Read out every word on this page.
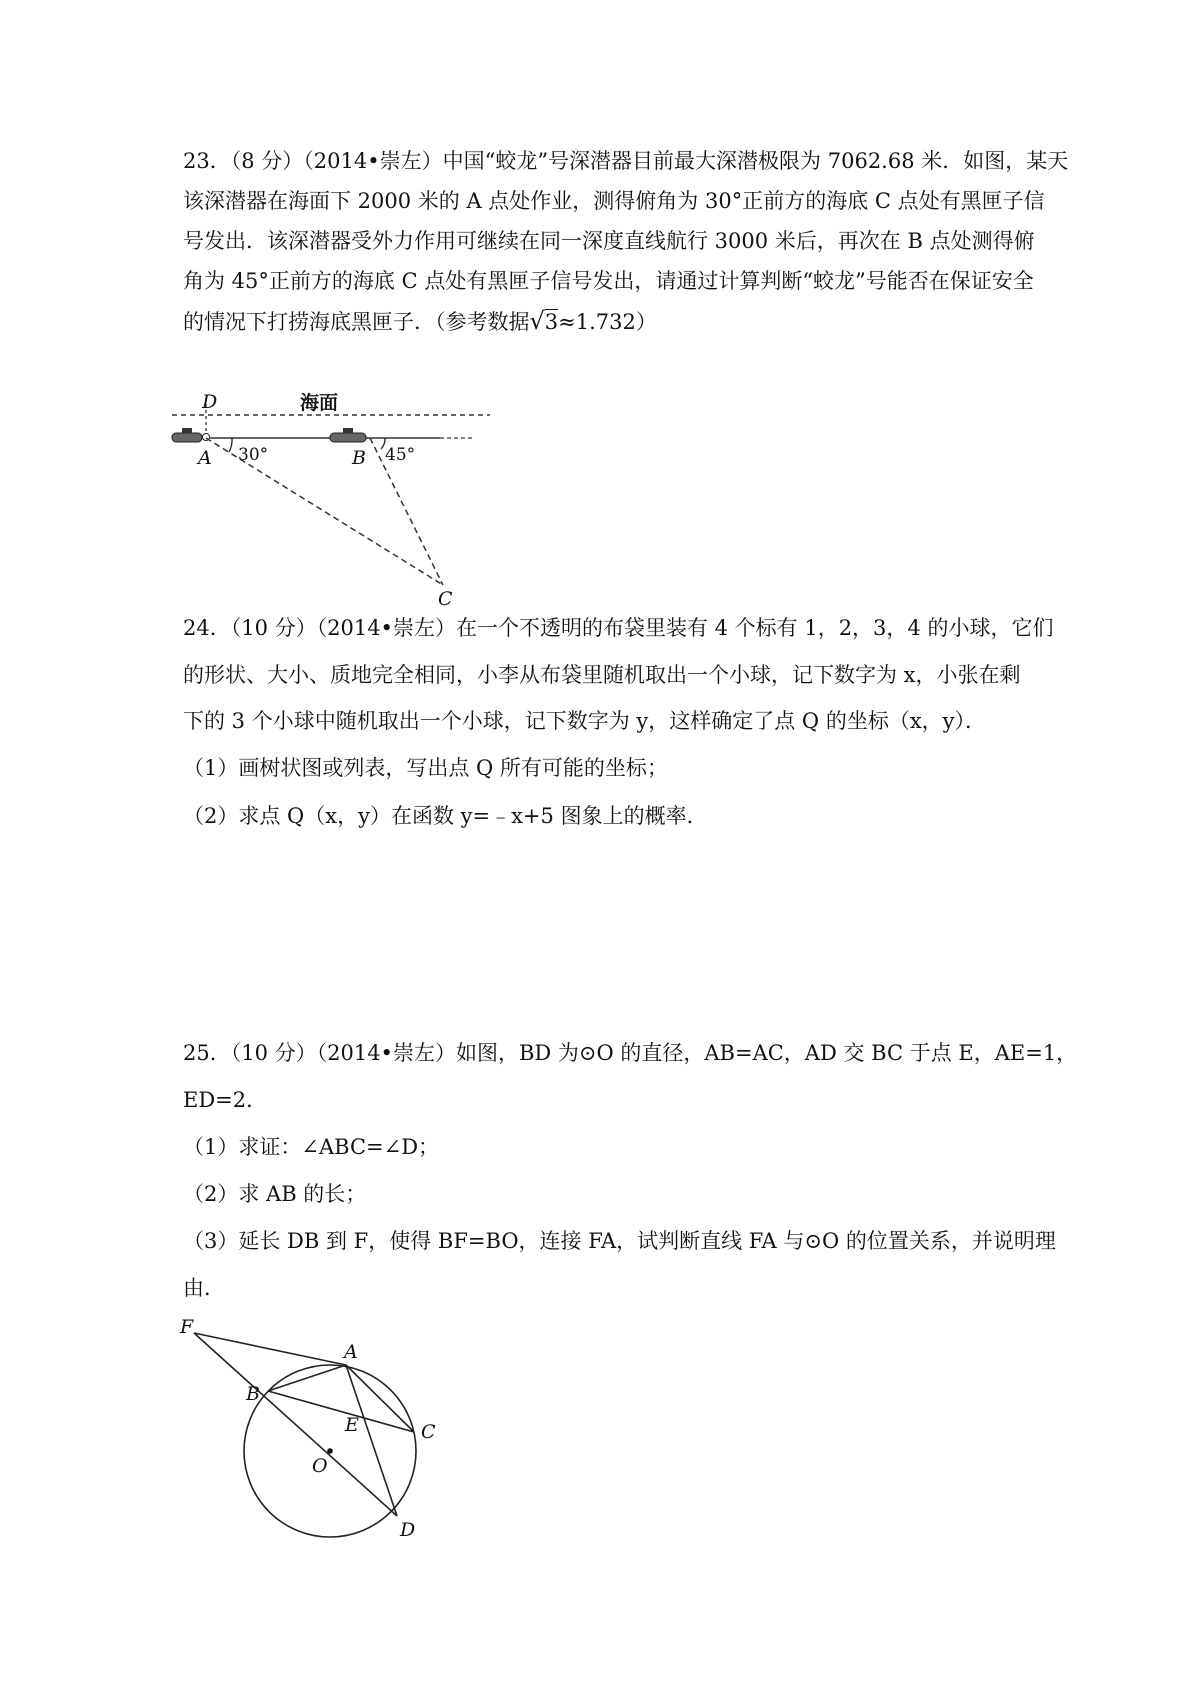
23．（8 分）（2014•崇左）中国“蛟龙”号深潜器目前最大深潜极限为 7062.68 米．如图，某天
该深潜器在海面下 2000 米的 A 点处作业，测得俯角为 30°正前方的海底 C 点处有黑匣子信
号发出．该深潜器受外力作用可继续在同一深度直线航行 3000 米后，再次在 B 点处测得俯
角为 45°正前方的海底 C 点处有黑匣子信号发出，请通过计算判断“蛟龙”号能否在保证安全
的情况下打捞海底黑匣子．（参考数据√3≈1.732）
D	海面
A 30°	B 45°
C
24．（10 分）（2014•崇左）在一个不透明的布袋里装有 4 个标有 1，2，3，4 的小球，它们
的形状、大小、质地完全相同，小李从布袋里随机取出一个小球，记下数字为 x，小张在剩
下的 3 个小球中随机取出一个小球，记下数字为 y，这样确定了点 Q 的坐标（x，y）．
（1）画树状图或列表，写出点 Q 所有可能的坐标；
（2）求点 Q（x，y）在函数 y=﹣x+5 图象上的概率．
25．（10 分）（2014•崇左）如图，BD 为⊙O 的直径，AB=AC，AD 交 BC 于点 E，AE=1，
ED=2．
（1）求证：∠ABC=∠D；
（2）求 AB 的长；
（3）延长 DB 到 F，使得 BF=BO，连接 FA，试判断直线 FA 与⊙O 的位置关系，并说明理
由．
F
A
B
C
E
O
D
